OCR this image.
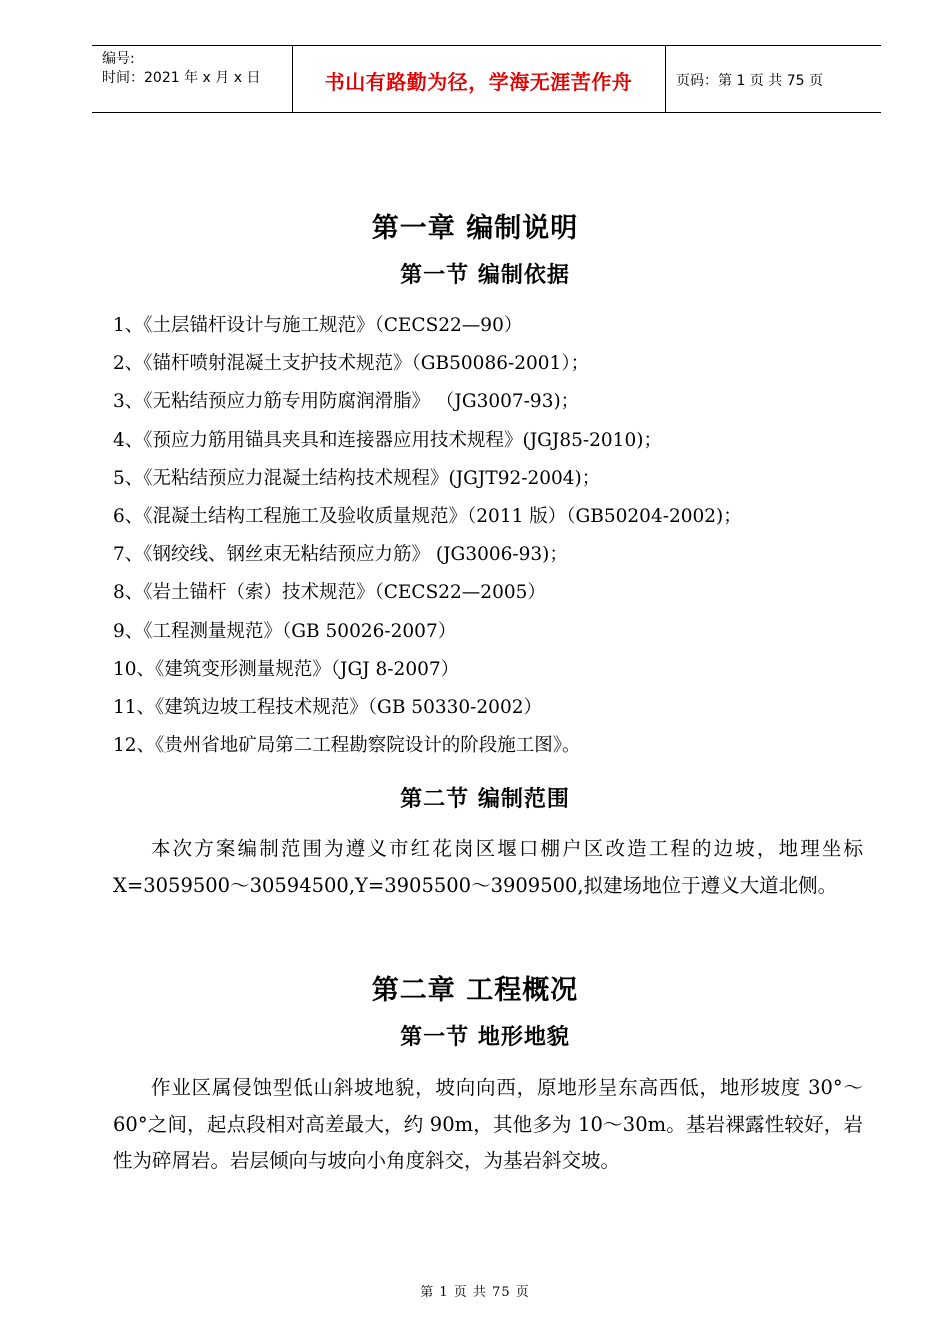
编号:
时间：2021 年 x 月 x 日	书山有路勤为径，学海无涯苦作舟	页码：第 1 页 共 75 页
第一章 编制说明
第一节 编制依据
1、《土层锚杆设计与施工规范》（CECS22—90）
2、《锚杆喷射混凝土支护技术规范》（GB50086-2001）；
3、《无粘结预应力筋专用防腐润滑脂》 （JG3007-93)；
4、《预应力筋用锚具夹具和连接器应用技术规程》(JGJ85-2010)；
5、《无粘结预应力混凝土结构技术规程》(JGJT92-2004)；
6、《混凝土结构工程施工及验收质量规范》（2011 版）（GB50204-2002)；
7、《钢绞线、钢丝束无粘结预应力筋》 (JG3006-93)；
8、《岩土锚杆（索）技术规范》（CECS22—2005）
9、《工程测量规范》（GB 50026-2007）
10、《建筑变形测量规范》（JGJ 8-2007）
11、《建筑边坡工程技术规范》（GB 50330-2002）
12、《贵州省地矿局第二工程勘察院设计的阶段施工图》。
第二节 编制范围

本次方案编制范围为遵义市红花岗区堰口棚户区改造工程的边坡，地理坐标 X=3059500～30594500,Y=3905500～3909500,拟建场地位于遵义大道北侧。

第二章 工程概况
第一节 地形地貌

作业区属侵蚀型低山斜坡地貌，坡向向西，原地形呈东高西低，地形坡度 30°～60°之间，起点段相对高差最大，约 90m，其他多为 10～30m。基岩裸露性较好，岩性为碎屑岩。岩层倾向与坡向小角度斜交，为基岩斜交坡。

第 1 页 共 75 页
